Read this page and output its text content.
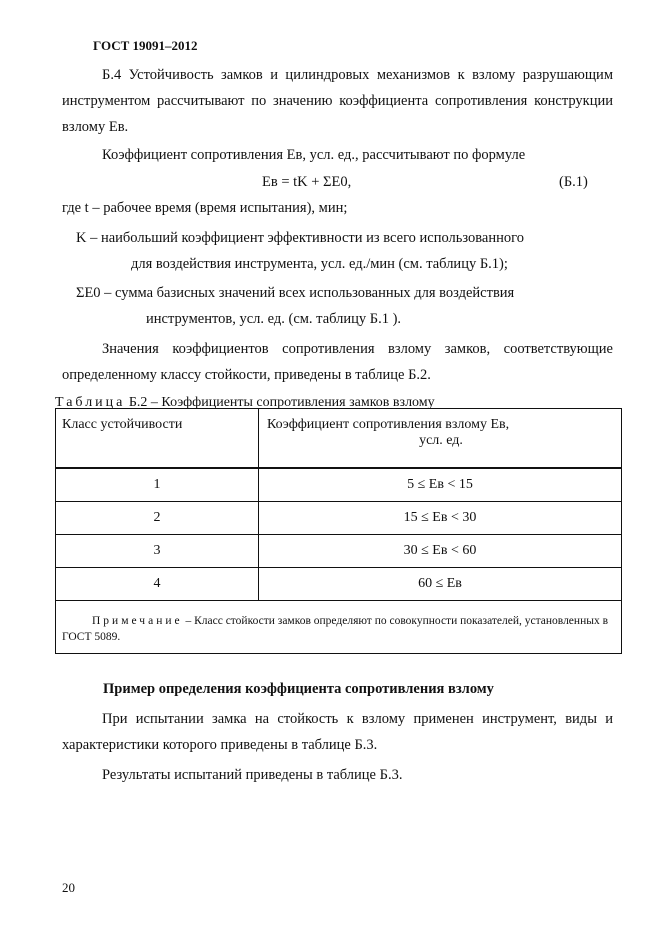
ГОСТ 19091–2012
Б.4 Устойчивость замков и цилиндровых механизмов к взлому разрушающим инструментом рассчитывают по значению коэффициента сопротивления конструкции взлому Eв.
Коэффициент сопротивления Eв, усл. ед., рассчитывают по формуле
Eв = tK + ΣE0,	(Б.1)
где t – рабочее время (время испытания), мин;
K – наибольший коэффициент эффективности из всего использованного
для воздействия инструмента, усл. ед./мин (см. таблицу Б.1);
ΣE0 – сумма базисных значений всех использованных для воздействия
инструментов, усл. ед. (см. таблицу Б.1 ).
Значения коэффициентов сопротивления взлому замков, соответствующие определенному классу стойкости, приведены в таблице Б.2.
Таблица Б.2 – Коэффициенты сопротивления замков взлому
Класс устойчивости	Коэффициент сопротивления взлому Eв,
усл. ед.

1	5 ≤ Eв < 15
2	15 ≤ Eв < 30
3	30 ≤ Eв < 60
4	60 ≤ Eв
Примечание – Класс стойкости замков определяют по совокупности показателей, установленных в ГОСТ 5089.	
Пример определения коэффициента сопротивления взлому
При испытании замка на стойкость к взлому применен инструмент, виды и характеристики которого приведены в таблице Б.3.
Результаты испытаний приведены в таблице Б.3.
20
